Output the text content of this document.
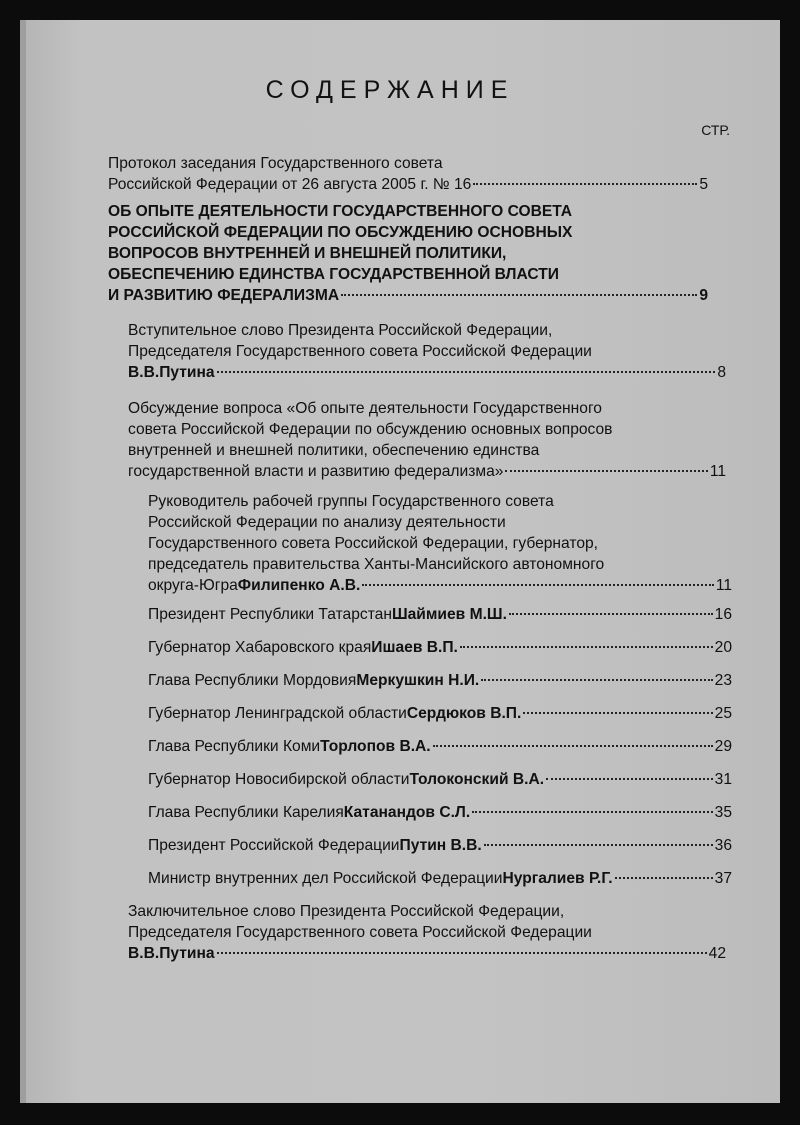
СОДЕРЖАНИЕ
СТР.
Протокол заседания Государственного совета
Российской Федерации от 26 августа 2005 г. № 16	5
ОБ ОПЫТЕ ДЕЯТЕЛЬНОСТИ ГОСУДАРСТВЕННОГО СОВЕТА
РОССИЙСКОЙ ФЕДЕРАЦИИ ПО ОБСУЖДЕНИЮ ОСНОВНЫХ
ВОПРОСОВ ВНУТРЕННЕЙ И ВНЕШНЕЙ ПОЛИТИКИ,
ОБЕСПЕЧЕНИЮ ЕДИНСТВА ГОСУДАРСТВЕННОЙ ВЛАСТИ
И РАЗВИТИЮ ФЕДЕРАЛИЗМА	9
Вступительное слово Президента Российской Федерации,
Председателя Государственного совета Российской Федерации
В.В.Путина	8
Обсуждение вопроса «Об опыте деятельности Государственного
совета Российской Федерации по обсуждению основных вопросов
внутренней и внешней политики, обеспечению единства
государственной власти и развитию федерализма»	11
Руководитель рабочей группы Государственного совета
Российской Федерации по анализу деятельности
Государственного совета Российской Федерации, губернатор,
председатель правительства Ханты-Мансийского автономного
округа-Югра Филипенко А.В.	11
Президент Республики Татарстан Шаймиев М.Ш.	16
Губернатор Хабаровского края Ишаев В.П.	20
Глава Республики Мордовия Меркушкин Н.И.	23
Губернатор Ленинградской области Сердюков В.П.	25
Глава Республики Коми Торлопов В.А.	29
Губернатор Новосибирской области Толоконский В.А.	31
Глава Республики Карелия Катанандов С.Л.	35
Президент Российской Федерации Путин В.В.	36
Министр внутренних дел Российской Федерации Нургалиев Р.Г.	37
Заключительное слово Президента Российской Федерации,
Председателя Государственного совета Российской Федерации
В.В.Путина	42
